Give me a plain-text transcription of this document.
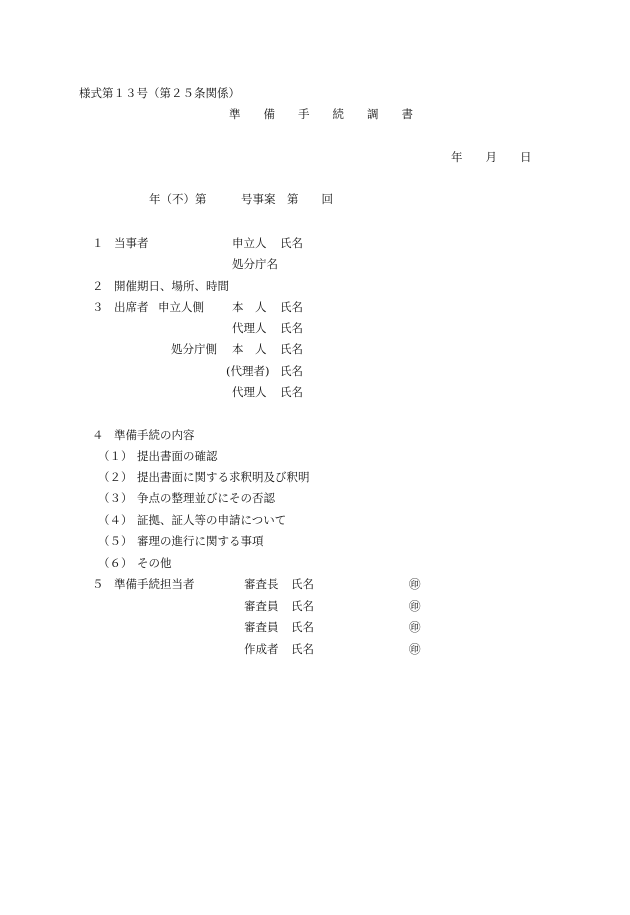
様式第１３号（第２５条関係）
準　　備　　手　　続　　調　　書
年　　月　　日
年（不）第　　　号事案　第　　回
１ 当事者	申立人 氏名
処分庁名
２ 開催期日、場所、時間
３ 出席者 申立人側 本　人 氏名
代理人 氏名
処分庁側 本　人 氏名
(代理者) 氏名
代理人 氏名
４ 準備手続の内容
（１） 提出書面の確認
（２） 提出書面に関する求釈明及び釈明
（３） 争点の整理並びにその否認
（４） 証拠、証人等の申請について
（５） 審理の進行に関する事項
（６） その他
５ 準備手続担当者	審査長 氏名	㊞
審査員 氏名	㊞
審査員 氏名	㊞
作成者 氏名	㊞
